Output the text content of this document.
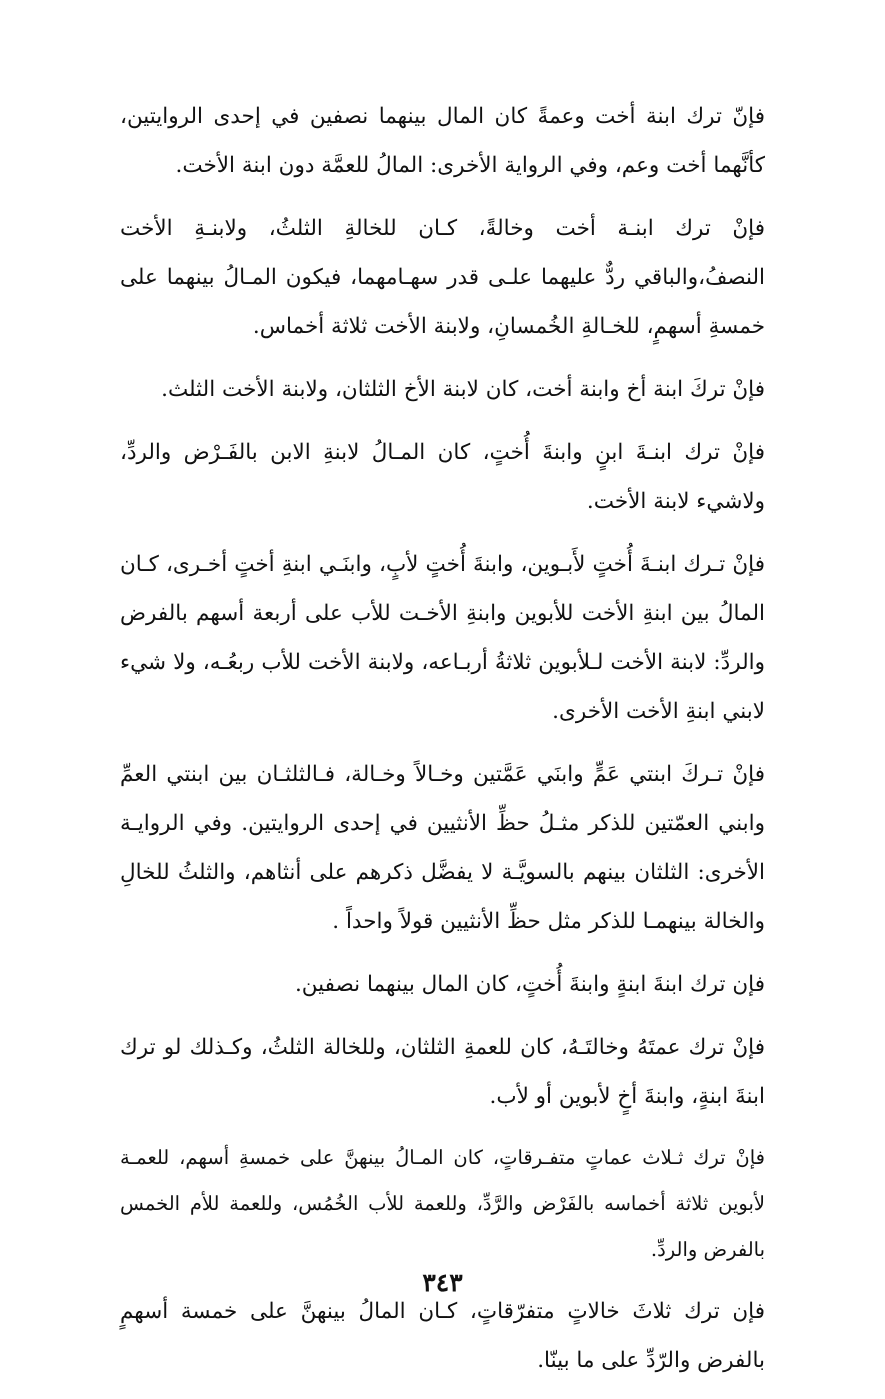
فإنّ ترك ابنة أخت وعمةً كان المال بينهما نصفين في إحدى الروايتين، كأنَّهما أخت وعم، وفي الرواية الأخرى: المالُ للعمَّة دون ابنة الأخت.

فإنْ ترك ابنـة أخت وخالةً، كـان للخالةِ الثلثُ، ولابنـةِ الأخت النصفُ،والباقي ردٌّ عليهما علـى قدر سهـامهما، فيكون المـالُ بينهما على خمسةِ أسهمٍ، للخـالةِ الخُمسانِ، ولابنة الأخت ثلاثة أخماس.

فإنْ تركَ ابنة أخ وابنة أخت، كان لابنة الأخ الثلثان، ولابنة الأخت الثلث.

فإنْ ترك ابنـةَ ابنٍ وابنةَ أُختٍ، كان المـالُ لابنةِ الابن بالفَـرْض والردِّ، ولاشيء لابنة الأخت.

فإنْ تـرك ابنـةَ أُختٍ لأَبـوين، وابنةَ أُختٍ لأبٍ، وابنَـي ابنةِ أختٍ أخـرى، كـان المالُ بين ابنةِ الأخت للأبوين وابنةِ الأخـت للأب على أربعة أسهم بالفرض والردِّ: لابنة الأخت لـلأبوين ثلاثةُ أربـاعه، ولابنة الأخت للأب ربعُـه، ولا شيء لابني ابنةِ الأخت الأخرى.

فإنْ تـركَ ابنتي عَمٍّ وابنَي عَمَّتين وخـالاً وخـالة، فـالثلثـان بين ابنتي العمِّ وابني العمّتين للذكر مثـلُ حظِّ الأنثيين في إحدى الروايتين. وفي الروايـة الأخرى: الثلثان بينهم بالسويَّـة لا يفضَّل ذكرهم على أنثاهم، والثلثُ للخالِ والخالة بينهمـا للذكر مثل حظِّ الأنثيين قولاً واحداً .

فإن ترك ابنةَ ابنةٍ وابنةَ أُختٍ، كان المال بينهما نصفين.

فإنْ ترك عمتَهُ وخالتَـهُ، كان للعمةِ الثلثان، وللخالة الثلثُ، وكـذلك لو ترك ابنةَ ابنةٍ، وابنةَ أخٍ لأبوين أو لأب.

فإنْ ترك ثـلاث عماتٍ متفـرقاتٍ، كان المـالُ بينهنَّ على خمسةِ أسهم، للعمـة لأبوين ثلاثة أخماسه بالفَرْض والرَّدِّ، وللعمة للأب الخُمُس، وللعمة للأم الخمس بالفرض والردِّ.

فإن ترك ثلاثَ خالاتٍ متفرّقاتٍ، كـان المالُ بينهنَّ على خمسة أسهمٍ بالفرض والرّدِّ على ما بينّا.

٣٤٣
